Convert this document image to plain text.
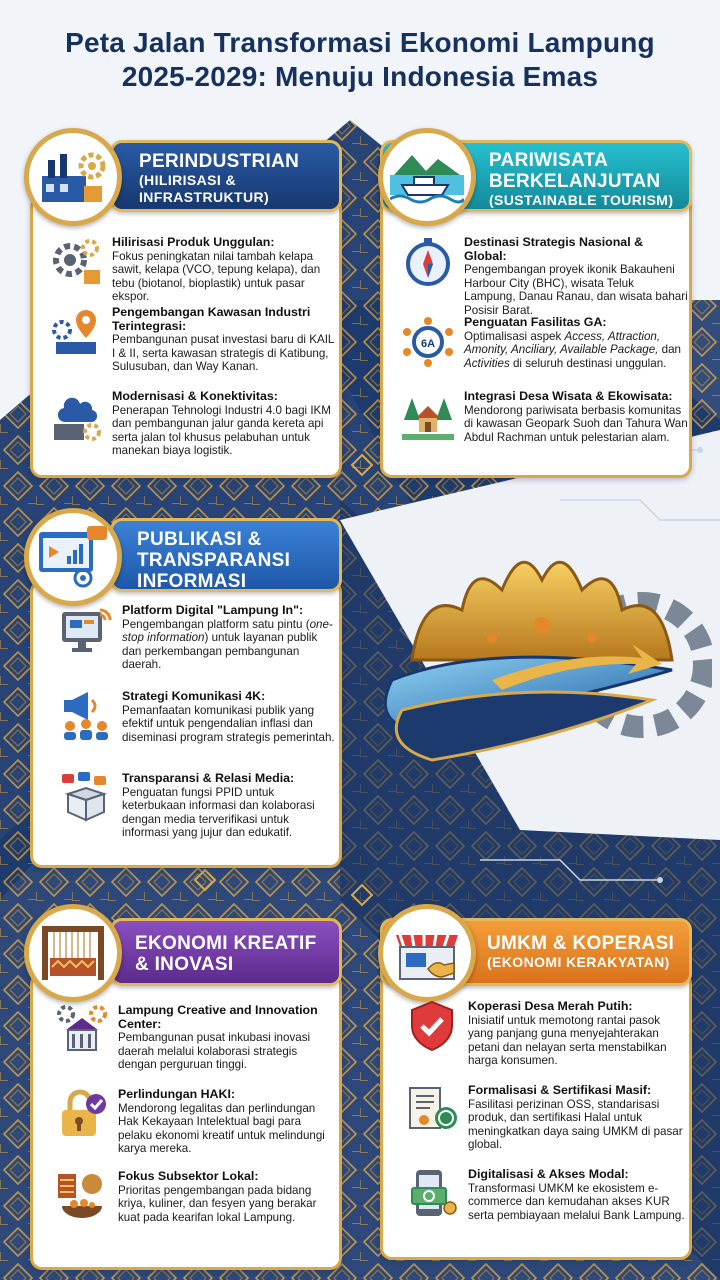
Peta Jalan Transformasi Ekonomi Lampung
2025-2029: Menuju Indonesia Emas
PERINDUSTRIAN
(HILIRISASI &
INFRASTRUKTUR)
Hilirisasi Produk Unggulan:
Fokus peningkatan nilai tambah kelapa sawit, kelapa (VCO, tepung kelapa), dan tebu (biotanol, bioplastik) untuk pasar ekspor.
Pengembangan Kawasan Industri Terintegrasi:
Pembangunan pusat investasi baru di KAIL I & II, serta kawasan strategis di Katibung, Sulusuban, dan Way Kanan.
Modernisasi & Konektivitas:
Penerapan Tehnologi Industri 4.0 bagi IKM dan pembangunan jalur ganda kereta api serta jalan tol khusus pelabuhan untuk manekan biaya logistik.
PARIWISATA
BERKELANJUTAN
(SUSTAINABLE TOURISM)
Destinasi Strategis Nasional & Global:
Pengembangan proyek ikonik Bakauheni Harbour City (BHC), wisata Teluk Lampung, Danau Ranau, dan wisata bahari Posisir Barat.
6A
Penguatan Fasilitas GA:
Optimalisasi aspek Access, Attraction, Amonity, Anciliary, Available Package, dan Activities di seluruh destinasi unggulan.
Integrasi Desa Wisata & Ekowisata:
Mendorong pariwisata berbasis komunitas di kawasan Geopark Suoh dan Tahura Wan Abdul Rachman untuk pelestarian alam.
PUBLIKASI &
TRANSPARANSI
INFORMASI
Platform Digital "Lampung In":
Pengembangan platform satu pintu (one-stop information) untuk layanan publik dan perkembangan pembangunan daerah.
Strategi Komunikasi 4K:
Pemanfaatan komunikasi publik yang efektif untuk pengendalian inflasi dan diseminasi program strategis pemerintah.
Transparansi & Relasi Media:
Penguatan fungsi PPID untuk keterbukaan informasi dan kolaborasi dengan media terverifikasi untuk informasi yang jujur dan edukatif.
EKONOMI KREATIF
& INOVASI
Lampung Creative and Innovation Center:
Pembangunan pusat inkubasi inovasi daerah melalui kolaborasi strategis dengan perguruan tinggi.
Perlindungan HAKI:
Mendorong legalitas dan perlindungan Hak Kekayaan Intelektual bagi para pelaku ekonomi kreatif untuk melindungi karya mereka.
Fokus Subsektor Lokal:
Prioritas pengembangan pada bidang kriya, kuliner, dan fesyen yang berakar kuat pada kearifan lokal Lampung.
UMKM & KOPERASI
(EKONOMI KERAKYATAN)
Koperasi Desa Merah Putih:
Inisiatif untuk memotong rantai pasok yang panjang guna menyejahterakan petani dan nelayan serta menstabilkan harga konsumen.
Formalisasi & Sertifikasi Masif:
Fasilitasi perizinan OSS, standarisasi produk, dan sertifikasi Halal untuk meningkatkan daya saing UMKM di pasar global.
Digitalisasi & Akses Modal:
Transformasi UMKM ke ekosistem e-commerce dan kemudahan akses KUR serta pembiayaan melalui Bank Lampung.
